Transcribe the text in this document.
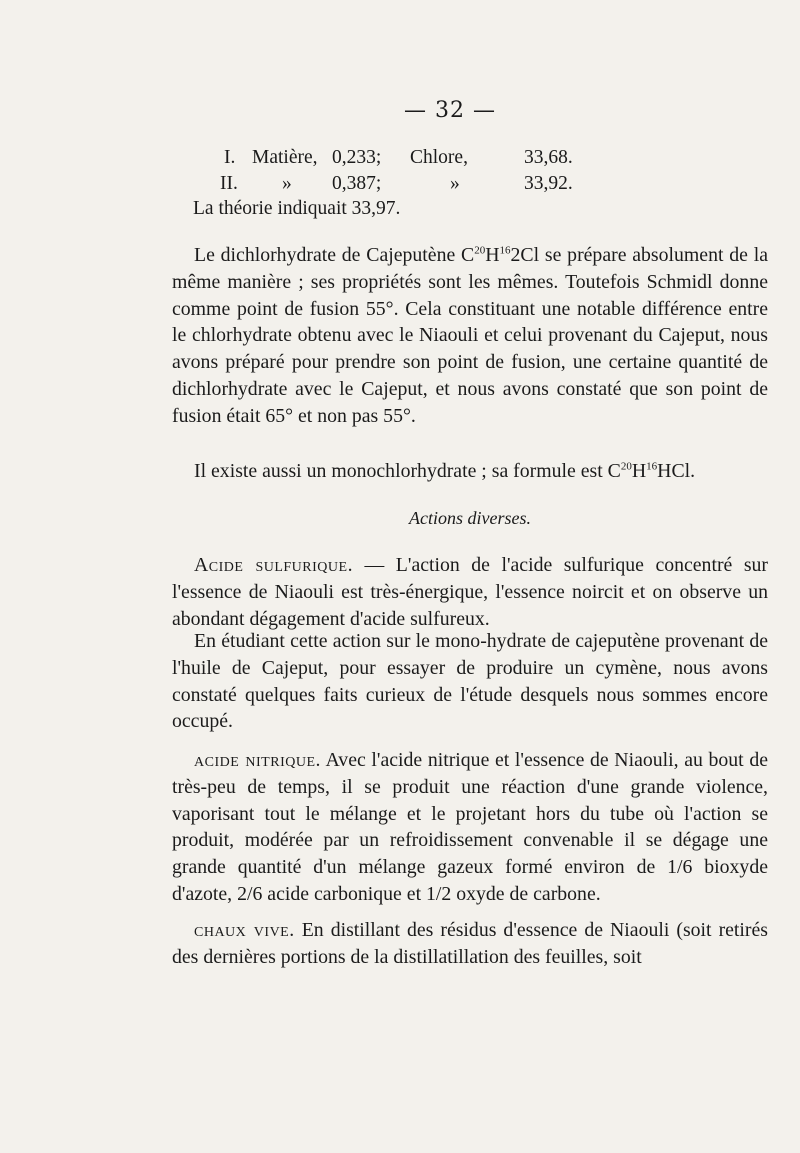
— 32 —
I. Matière, 0,233; Chlore,	33,68.
II. » 0,387;	»	33,92.
La théorie indiquait 33,97.

Le dichlorhydrate de Cajeputène $C^{20}H^{16}2Cl$ se prépare absolument de la même manière ; ses propriétés sont les mêmes. Toutefois Schmidl donne comme point de fusion 55°. Cela constituant une notable différence entre le chlorhydrate obtenu avec le Niaouli et celui provenant du Cajeput, nous avons préparé pour prendre son point de fusion, une certaine quantité de dichlorhydrate avec le Cajeput, et nous avons constaté que son point de fusion était 65° et non pas 55°.

Il existe aussi un monochlorhydrate ; sa formule est $C^{20}H^{16}HCl$.

Actions diverses.

Acide sulfurique. — L'action de l'acide sulfurique concentré sur l'essence de Niaouli est très-énergique, l'essence noircit et on observe un abondant dégagement d'acide sulfureux.

En étudiant cette action sur le mono-hydrate de cajeputène provenant de l'huile de Cajeput, pour essayer de produire un cymène, nous avons constaté quelques faits curieux de l'étude desquels nous sommes encore occupé.

acide nitrique. Avec l'acide nitrique et l'essence de Niaouli, au bout de très-peu de temps, il se produit une réaction d'une grande violence, vaporisant tout le mélange et le projetant hors du tube où l'action se produit, modérée par un refroidissement convenable il se dégage une grande quantité d'un mélange gazeux formé environ de 1/6 bioxyde d'azote, 2/6 acide carbonique et 1/2 oxyde de carbone.

chaux vive. En distillant des résidus d'essence de Niaouli (soit retirés des dernières portions de la distillatillation des feuilles, soit
